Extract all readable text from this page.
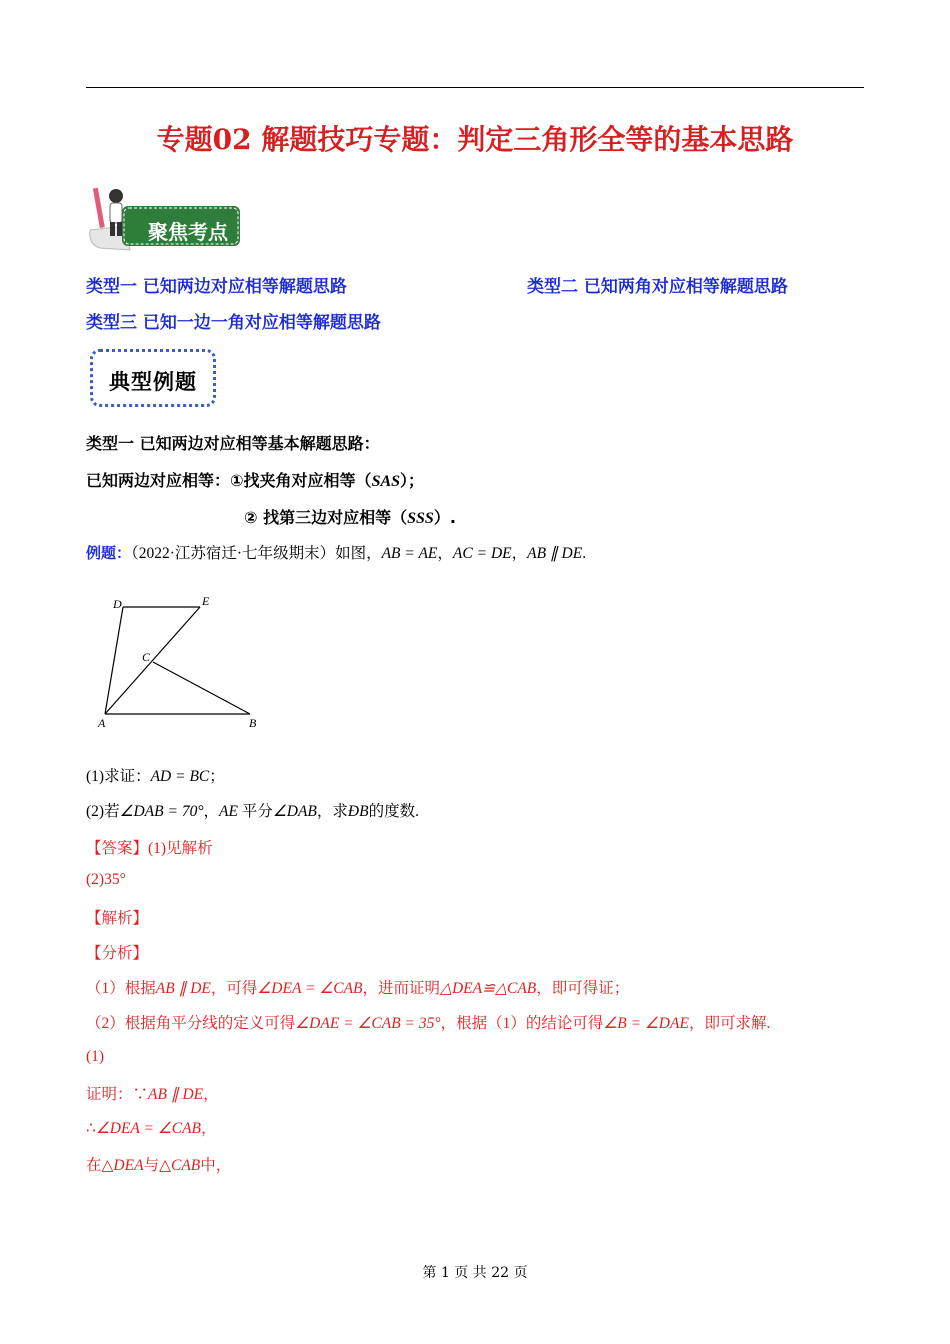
专题02 解题技巧专题：判定三角形全等的基本思路
聚焦考点
类型一 已知两边对应相等解题思路	类型二 已知两角对应相等解题思路
类型三 已知一边一角对应相等解题思路
典型例题
类型一 已知两边对应相等基本解题思路：
已知两边对应相等：①找夹角对应相等（SAS）；
② 找第三边对应相等（SSS）.
例题：（2022·江苏宿迁·七年级期末）如图，AB = AE，AC = DE，AB ∥ DE.
D	E
C
A	B
(1)求证：AD = BC；
(2)若∠DAB = 70°，AE 平分∠DAB，求ÐB的度数.
【答案】(1)见解析
(2)35°
【解析】
【分析】
（1）根据AB ∥ DE，可得∠DEA = ∠CAB，进而证明△DEA≌△CAB，即可得证；
（2）根据角平分线的定义可得∠DAE = ∠CAB = 35°，根据（1）的结论可得∠B = ∠DAE，即可求解.
(1)
证明：∵AB ∥ DE，
∴∠DEA = ∠CAB，
在△DEA与△CAB中，
第 1 页 共 22 页
